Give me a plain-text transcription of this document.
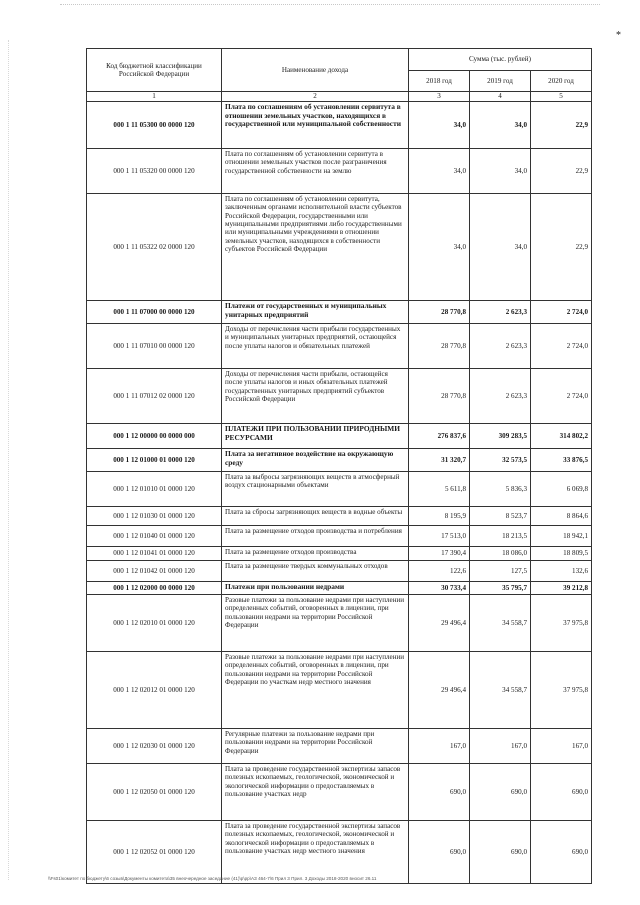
*
Код бюджетной классификации Российской Федерации	Наименование дохода	Сумма (тыс. рублей)		
		2018 год	2019 год	2020 год
1	2	3	4	5
000 1 11 05300 00 0000 120	Плата по соглашениям об установлении сервитута в отношении земельных участков, находящихся в государственной или муниципальной собственности	34,0	34,0	22,9
000 1 11 05320 00 0000 120	Плата по соглашениям об установлении сервитута в отношении земельных участков после разграничения государственной собственности на землю	34,0	34,0	22,9
000 1 11 05322 02 0000 120	Плата по соглашениям об установлении сервитута, заключенным органами исполнительной власти субъектов Российской Федерации, государственными или муниципальными предприятиями либо государственными или муниципальными учреждениями в отношении земельных участков, находящихся в собственности субъектов Российской Федерации	34,0	34,0	22,9
000 1 11 07000 00 0000 120	Платежи от государственных и муниципальных унитарных предприятий	28 770,8	2 623,3	2 724,0
000 1 11 07010 00 0000 120	Доходы от перечисления части прибыли государственных и муниципальных унитарных предприятий, остающейся после уплаты налогов и обязательных платежей	28 770,8	2 623,3	2 724,0
000 1 11 07012 02 0000 120	Доходы от перечисления части прибыли, остающейся после уплаты налогов и иных обязательных платежей государственных унитарных предприятий субъектов Российской Федерации	28 770,8	2 623,3	2 724,0
000 1 12 00000 00 0000 000	ПЛАТЕЖИ ПРИ ПОЛЬЗОВАНИИ ПРИРОДНЫМИ РЕСУРСАМИ	276 837,6	309 283,5	314 802,2
000 1 12 01000 01 0000 120	Плата за негативное воздействие на окружающую среду	31 320,7	32 573,5	33 876,5
000 1 12 01010 01 0000 120	Плата за выбросы загрязняющих веществ в атмосферный воздух стационарными объектами	5 611,8	5 836,3	6 069,8
000 1 12 01030 01 0000 120	Плата за сбросы загрязняющих веществ в водные объекты	8 195,9	8 523,7	8 864,6
000 1 12 01040 01 0000 120	Плата за размещение отходов производства и потребления	17 513,0	18 213,5	18 942,1
000 1 12 01041 01 0000 120	Плата за размещение отходов производства	17 390,4	18 086,0	18 809,5
000 1 12 01042 01 0000 120	Плата за размещение твердых коммунальных отходов	122,6	127,5	132,6
000 1 12 02000 00 0000 120	Платежи при пользовании недрами	30 733,4	35 795,7	39 212,8
000 1 12 02010 01 0000 120	Разовые платежи за пользование недрами при наступлении определенных событий, оговоренных в лицензии, при пользовании недрами на территории Российской Федерации	29 496,4	34 558,7	37 975,8
000 1 12 02012 01 0000 120	Разовые платежи за пользование недрами при наступлении определенных событий, оговоренных в лицензии, при пользовании недрами на территории Российской Федерации по участкам недр местного значения	29 496,4	34 558,7	37 975,8
000 1 12 02030 01 0000 120	Регулярные платежи за пользование недрами при пользовании недрами на территории Российской Федерации	167,0	167,0	167,0
000 1 12 02050 01 0000 120	Плата за проведение государственной экспертизы запасов полезных ископаемых, геологической, экономической и экологической информации о предоставляемых в пользование участках недр	690,0	690,0	690,0
000 1 12 02052 01 0000 120	Плата за проведение государственной экспертизы запасов полезных ископаемых, геологической, экономической и экологической информации о предоставляемых в пользование участках недр местного значения	690,0	690,0	690,0
\\Fs01\комитет по бюджету\6 созыв\Документы комитета\35 внеочередное заседание (41)\р\рр\АЗ 464-7\6 Прил 3 Прил. 3 Доходы 2018-2020 вносит 26.11
